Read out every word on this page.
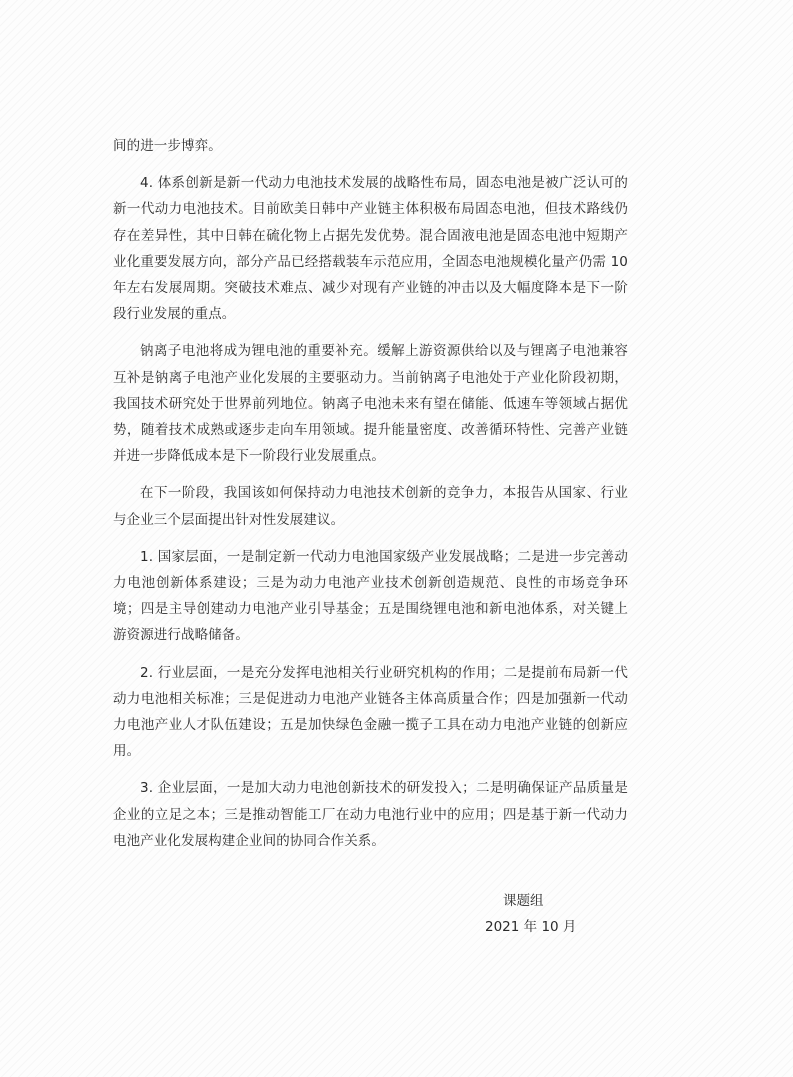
间的进一步博弈。

4. 体系创新是新一代动力电池技术发展的战略性布局，固态电池是被广泛认可的新一代动力电池技术。目前欧美日韩中产业链主体积极布局固态电池，但技术路线仍存在差异性，其中日韩在硫化物上占据先发优势。混合固液电池是固态电池中短期产业化重要发展方向，部分产品已经搭载装车示范应用，全固态电池规模化量产仍需 10 年左右发展周期。突破技术难点、减少对现有产业链的冲击以及大幅度降本是下一阶段行业发展的重点。

钠离子电池将成为锂电池的重要补充。缓解上游资源供给以及与锂离子电池兼容互补是钠离子电池产业化发展的主要驱动力。当前钠离子电池处于产业化阶段初期，我国技术研究处于世界前列地位。钠离子电池未来有望在储能、低速车等领域占据优势，随着技术成熟或逐步走向车用领域。提升能量密度、改善循环特性、完善产业链并进一步降低成本是下一阶段行业发展重点。

在下一阶段，我国该如何保持动力电池技术创新的竞争力，本报告从国家、行业与企业三个层面提出针对性发展建议。

1. 国家层面，一是制定新一代动力电池国家级产业发展战略；二是进一步完善动力电池创新体系建设；三是为动力电池产业技术创新创造规范、良性的市场竞争环境；四是主导创建动力电池产业引导基金；五是围绕锂电池和新电池体系，对关键上游资源进行战略储备。

2. 行业层面，一是充分发挥电池相关行业研究机构的作用；二是提前布局新一代动力电池相关标准；三是促进动力电池产业链各主体高质量合作；四是加强新一代动力电池产业人才队伍建设；五是加快绿色金融一揽子工具在动力电池产业链的创新应用。

3. 企业层面，一是加大动力电池创新技术的研发投入；二是明确保证产品质量是企业的立足之本；三是推动智能工厂在动力电池行业中的应用；四是基于新一代动力电池产业化发展构建企业间的协同合作关系。

课题组
2021 年 10 月
